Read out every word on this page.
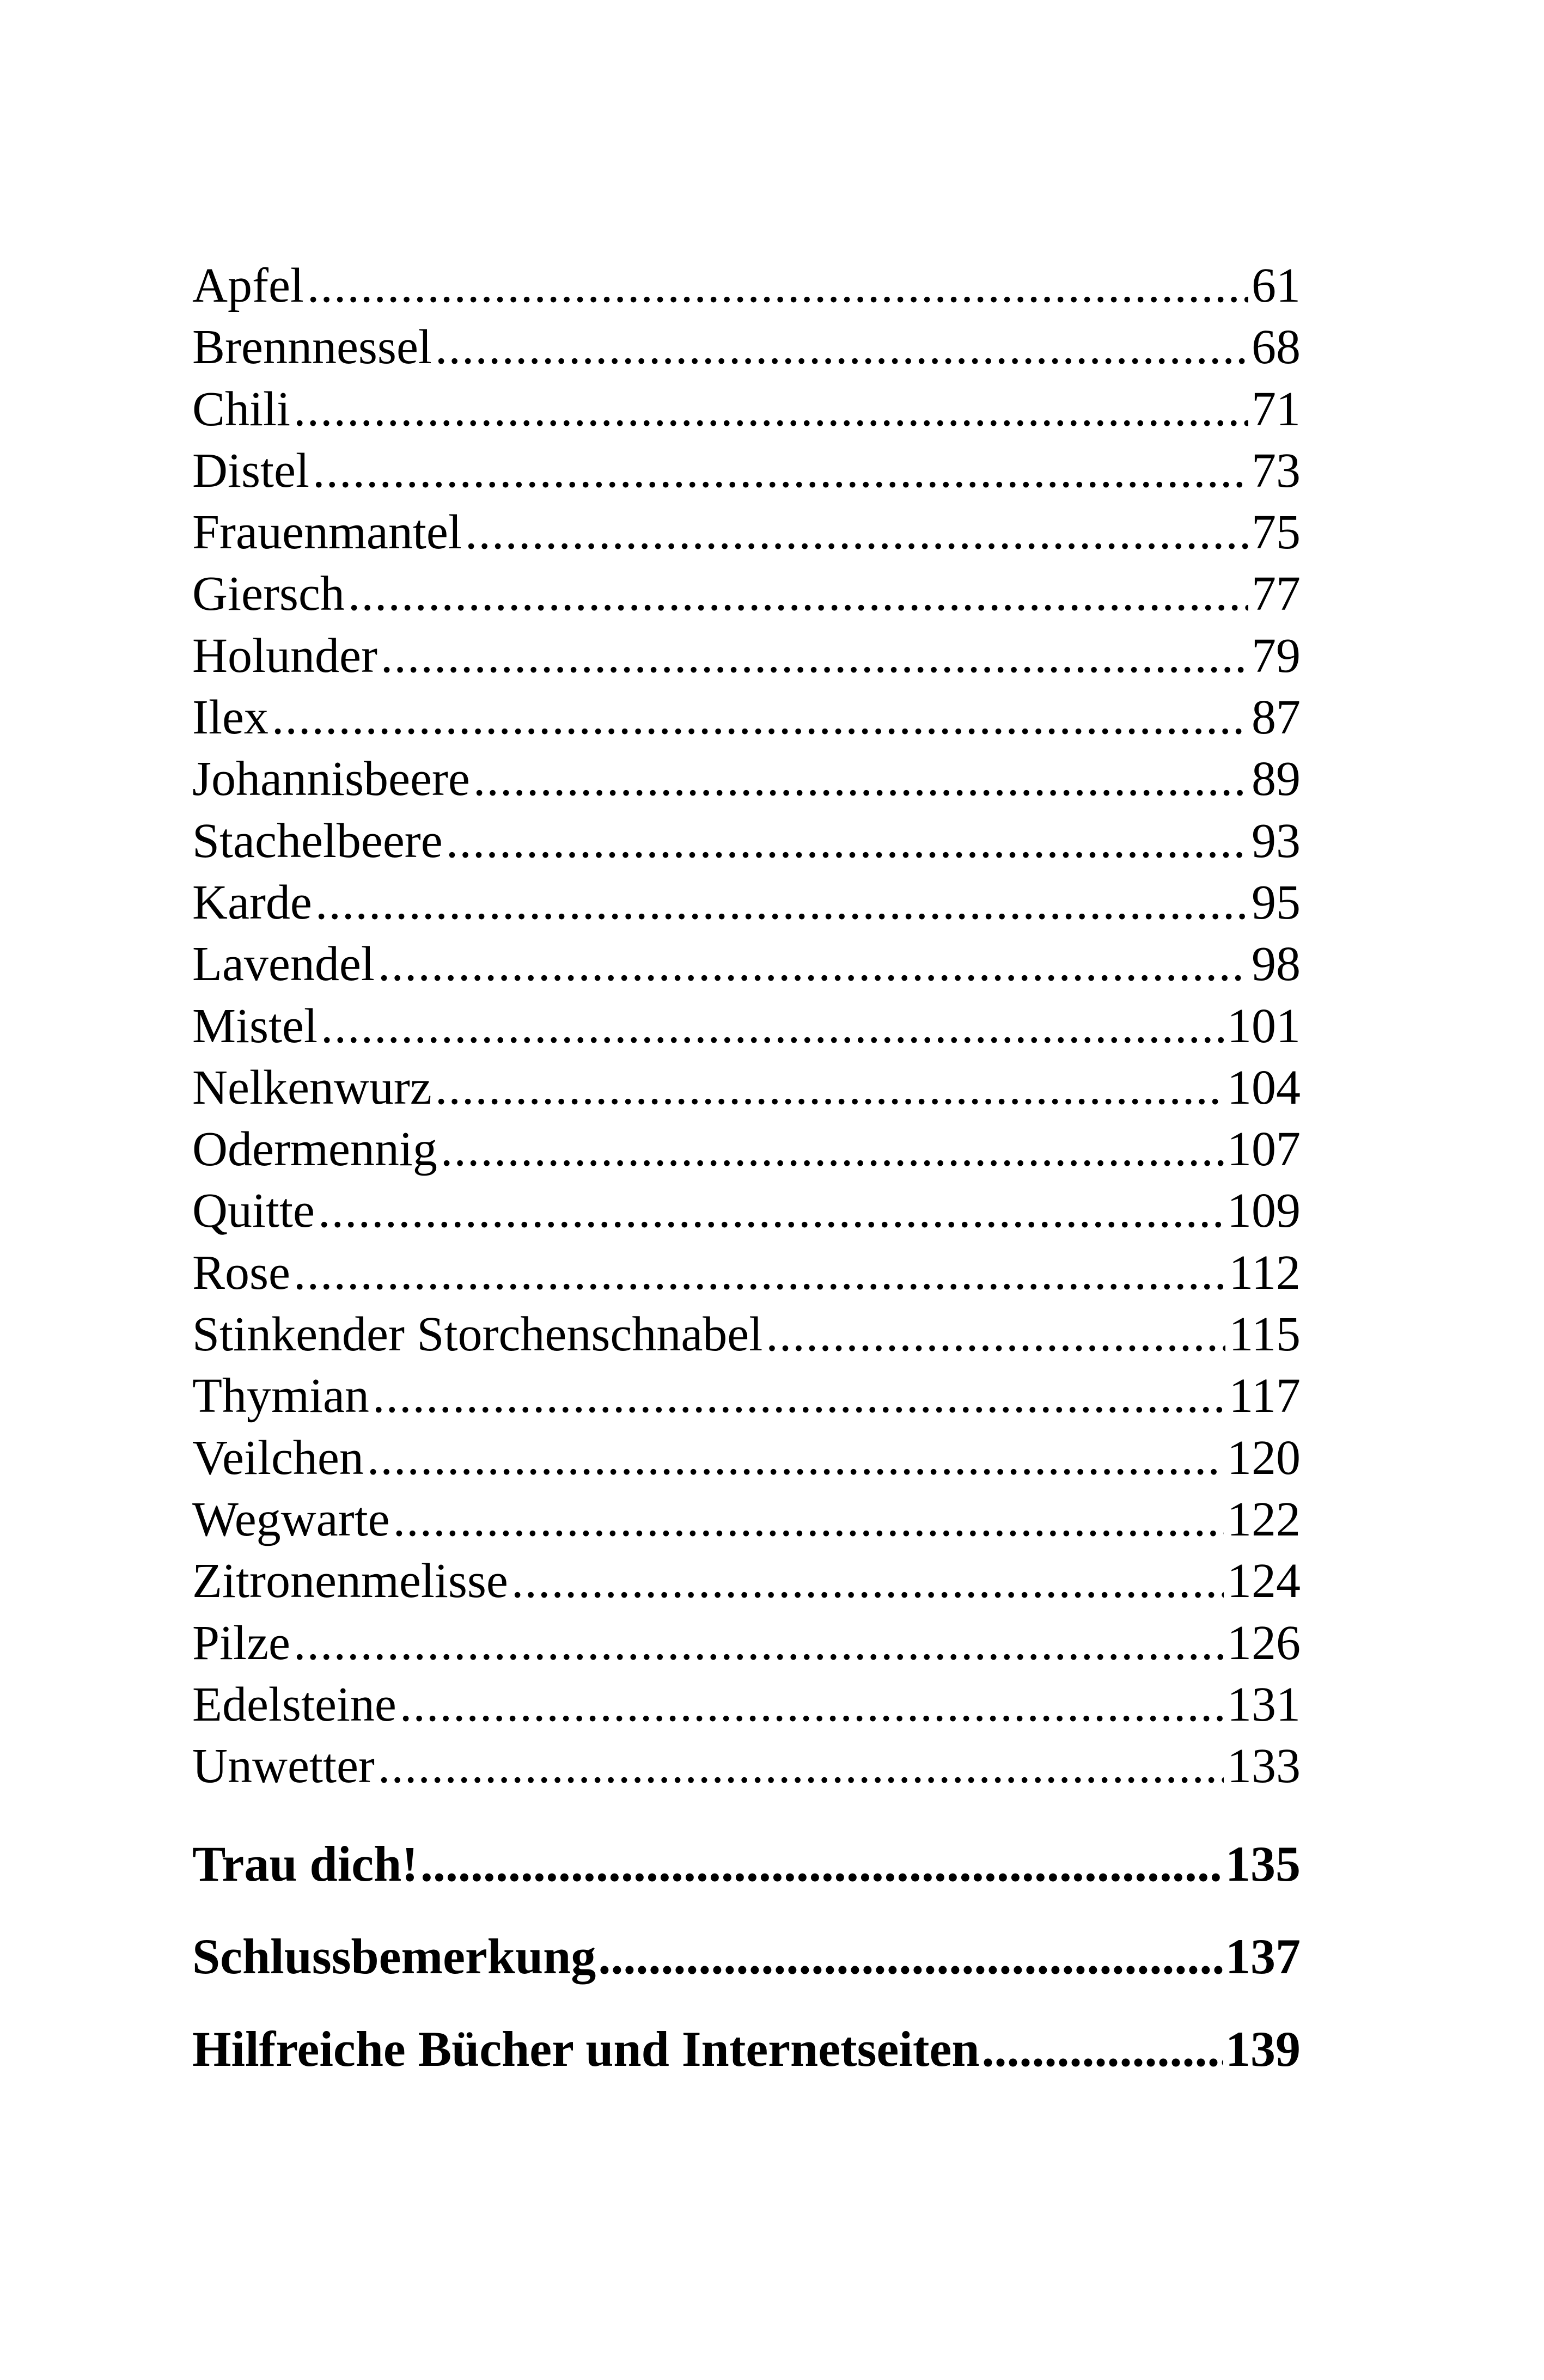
Apfel .....	61
Brennnessel .....	68
Chili .....	71
Distel .....	73
Frauenmantel .....	75
Giersch .....	77
Holunder .....	79
Ilex .....	87
Johannisbeere .....	89
Stachelbeere .....	93
Karde .....	95
Lavendel .....	98
Mistel .....	101
Nelkenwurz .....	104
Odermennig .....	107
Quitte .....	109
Rose .....	112
Stinkender Storchenschnabel .....	115
Thymian .....	117
Veilchen .....	120
Wegwarte .....	122
Zitronenmelisse .....	124
Pilze .....	126
Edelsteine .....	131
Unwetter .....	133
Trau dich! .....	135
Schlussbemerkung .....	137
Hilfreiche Bücher und Internetseiten .....	139
